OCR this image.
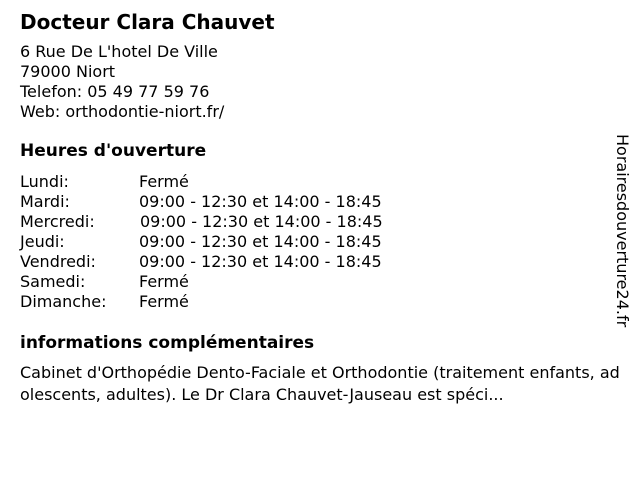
Docteur Clara Chauvet
6 Rue De L'hotel De Ville
79000 Niort
Telefon: 05 49 77 59 76
Web: orthodontie-niort.fr/
Heures d'ouverture
Lundi:	Fermé
Mardi:	09:00 - 12:30 et 14:00 - 18:45
Mercredi:	09:00 - 12:30 et 14:00 - 18:45
Jeudi:	09:00 - 12:30 et 14:00 - 18:45
Vendredi:	09:00 - 12:30 et 14:00 - 18:45
Samedi:	Fermé
Dimanche:	Fermé
informations complémentaires
Cabinet d'Orthopédie Dento-Faciale et Orthodontie (traitement enfants, adolescents, adultes). Le Dr Clara Chauvet-Jauseau est spéci...
Horairesdouverture24.fr
